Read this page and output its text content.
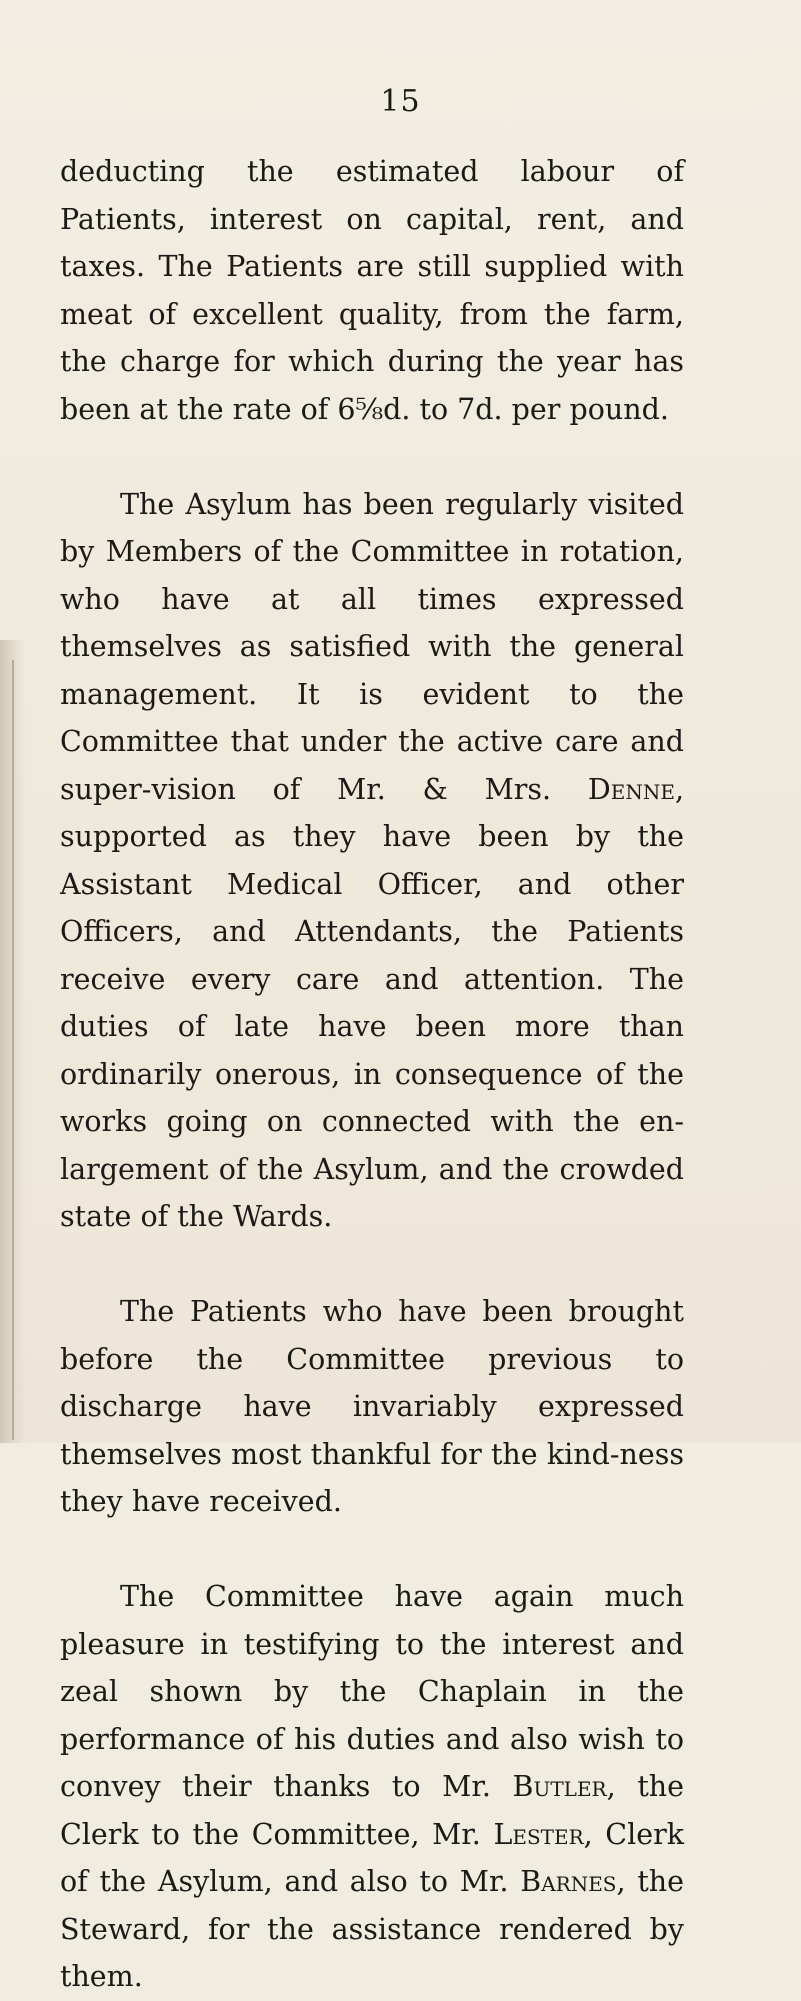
15

deducting the estimated labour of Patients, interest on capital, rent, and taxes. The Patients are still supplied with meat of excellent quality, from the farm, the charge for which during the year has been at the rate of 6⅝d. to 7d. per pound.

The Asylum has been regularly visited by Members of the Committee in rotation, who have at all times expressed themselves as satisfied with the general management. It is evident to the Committee that under the active care and super-vision of Mr. & Mrs. Denne, supported as they have been by the Assistant Medical Officer, and other Officers, and Attendants, the Patients receive every care and attention. The duties of late have been more than ordinarily onerous, in consequence of the works going on connected with the en-largement of the Asylum, and the crowded state of the Wards.

The Patients who have been brought before the Committee previous to discharge have invariably expressed themselves most thankful for the kind-ness they have received.

The Committee have again much pleasure in testifying to the interest and zeal shown by the Chaplain in the performance of his duties and also wish to convey their thanks to Mr. Butler, the Clerk to the Committee, Mr. Lester, Clerk of the Asylum, and also to Mr. Barnes, the Steward, for the assistance rendered by them.
